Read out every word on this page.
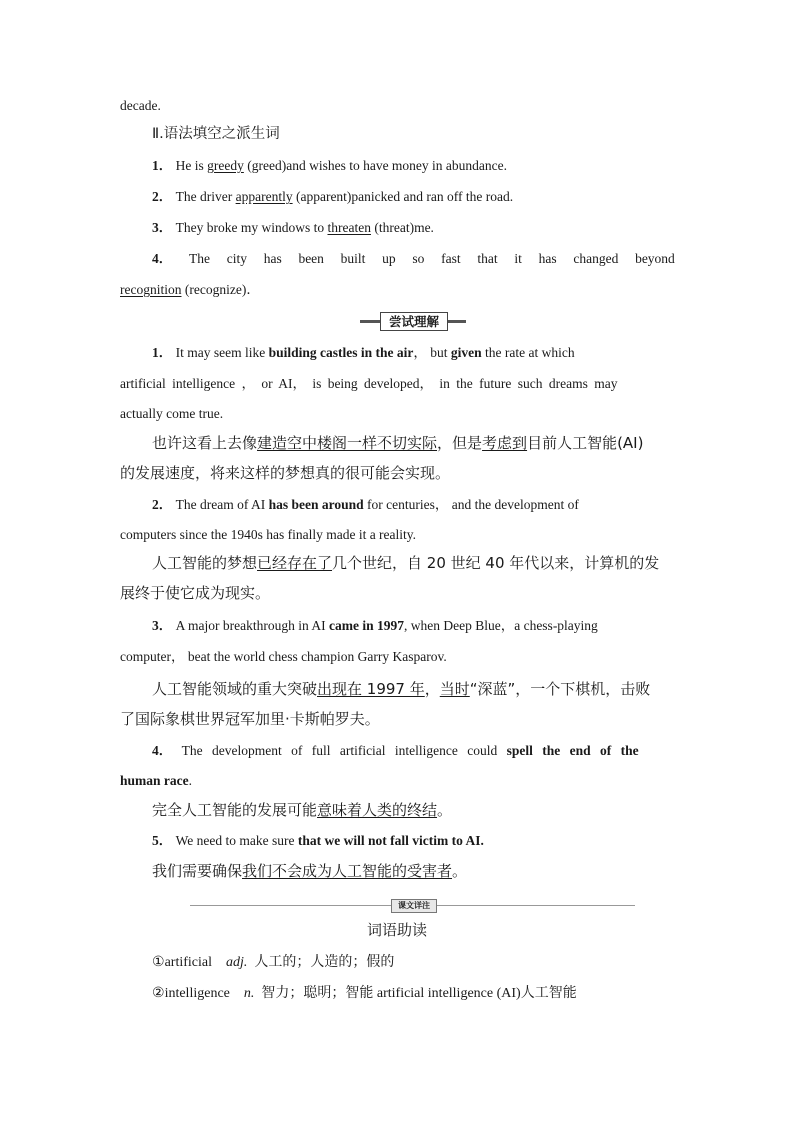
decade.
Ⅱ.语法填空之派生词
1． He is greedy (greed)and wishes to have money in abundance.
2． The driver apparently (apparent)panicked and ran off the road.
3． They broke my windows to threaten (threat)me.
4． The city has been built up so fast that it has changed beyond
recognition (recognize)．
尝试理解
1． It may seem like building castles in the air， but given the rate at which
artificial intelligence ， or AI， is being developed， in the future such dreams may
actually come true.
也许这看上去像建造空中楼阁一样不切实际，但是考虑到目前人工智能(AI)
的发展速度，将来这样的梦想真的很可能会实现。
2． The dream of AI has been around for centuries， and the development of
computers since the 1940s has finally made it a reality.
人工智能的梦想已经存在了几个世纪，自 20 世纪 40 年代以来，计算机的发
展终于使它成为现实。
3． A major breakthrough in AI came in 1997, when Deep Blue，a chess-playing
computer， beat the world chess champion Garry Kasparov.
人工智能领域的重大突破出现在 1997 年，当时“深蓝”，一个下棋机，击败
了国际象棋世界冠军加里·卡斯帕罗夫。
4． The development of full artificial intelligence could spell the end of the
human race.
完全人工智能的发展可能意味着人类的终结。
5． We need to make sure that we will not fall victim to AI.
我们需要确保我们不会成为人工智能的受害者。
课文详注
词语助读
①artificial adj. 人工的；人造的；假的
②intelligence n. 智力；聪明；智能 artificial intelligence (AI)人工智能
